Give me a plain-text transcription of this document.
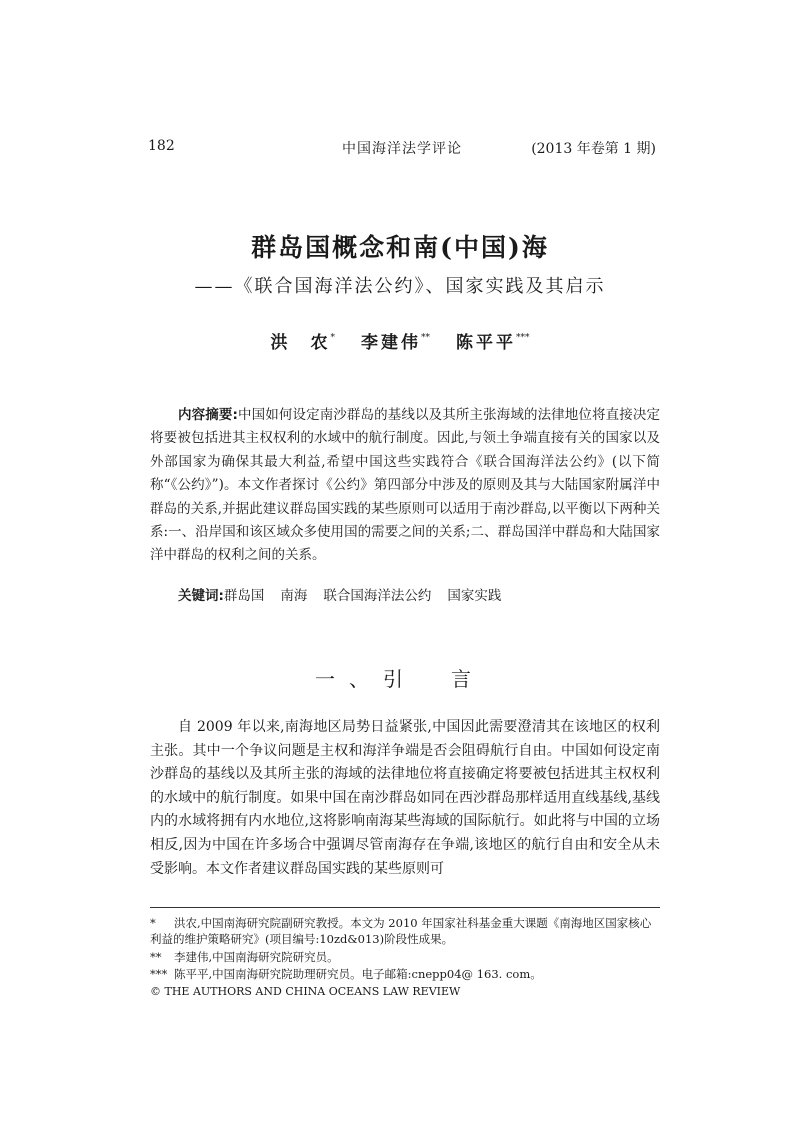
182	中国海洋法学评论	(2013 年卷第 1 期)
群岛国概念和南(中国)海
——《联合国海洋法公约》、国家实践及其启示
洪　农* 李建伟** 陈平平***

内容摘要:中国如何设定南沙群岛的基线以及其所主张海域的法律地位将直接决定将要被包括进其主权权利的水域中的航行制度。因此,与领土争端直接有关的国家以及外部国家为确保其最大利益,希望中国这些实践符合《联合国海洋法公约》(以下简称“《公约》”)。本文作者探讨《公约》第四部分中涉及的原则及其与大陆国家附属洋中群岛的关系,并据此建议群岛国实践的某些原则可以适用于南沙群岛,以平衡以下两种关系:一、沿岸国和该区域众多使用国的需要之间的关系;二、群岛国洋中群岛和大陆国家洋中群岛的权利之间的关系。

关键词:群岛国 南海 联合国海洋法公约 国家实践
一、引　言

自 2009 年以来,南海地区局势日益紧张,中国因此需要澄清其在该地区的权利主张。其中一个争议问题是主权和海洋争端是否会阻碍航行自由。中国如何设定南沙群岛的基线以及其所主张的海域的法律地位将直接确定将要被包括进其主权权利的水域中的航行制度。如果中国在南沙群岛如同在西沙群岛那样适用直线基线,基线内的水域将拥有内水地位,这将影响南海某些海域的国际航行。如此将与中国的立场相反,因为中国在许多场合中强调尽管南海存在争端,该地区的航行自由和安全从未受影响。本文作者建议群岛国实践的某些原则可

* 洪农,中国南海研究院副研究教授。本文为 2010 年国家社科基金重大课题《南海地区国家核心利益的维护策略研究》(项目编号:10zd&013)阶段性成果。
** 李建伟,中国南海研究院研究员。
*** 陈平平,中国南海研究院助理研究员。电子邮箱:cnepp04@ 163. com。
© THE AUTHORS AND CHINA OCEANS LAW REVIEW
